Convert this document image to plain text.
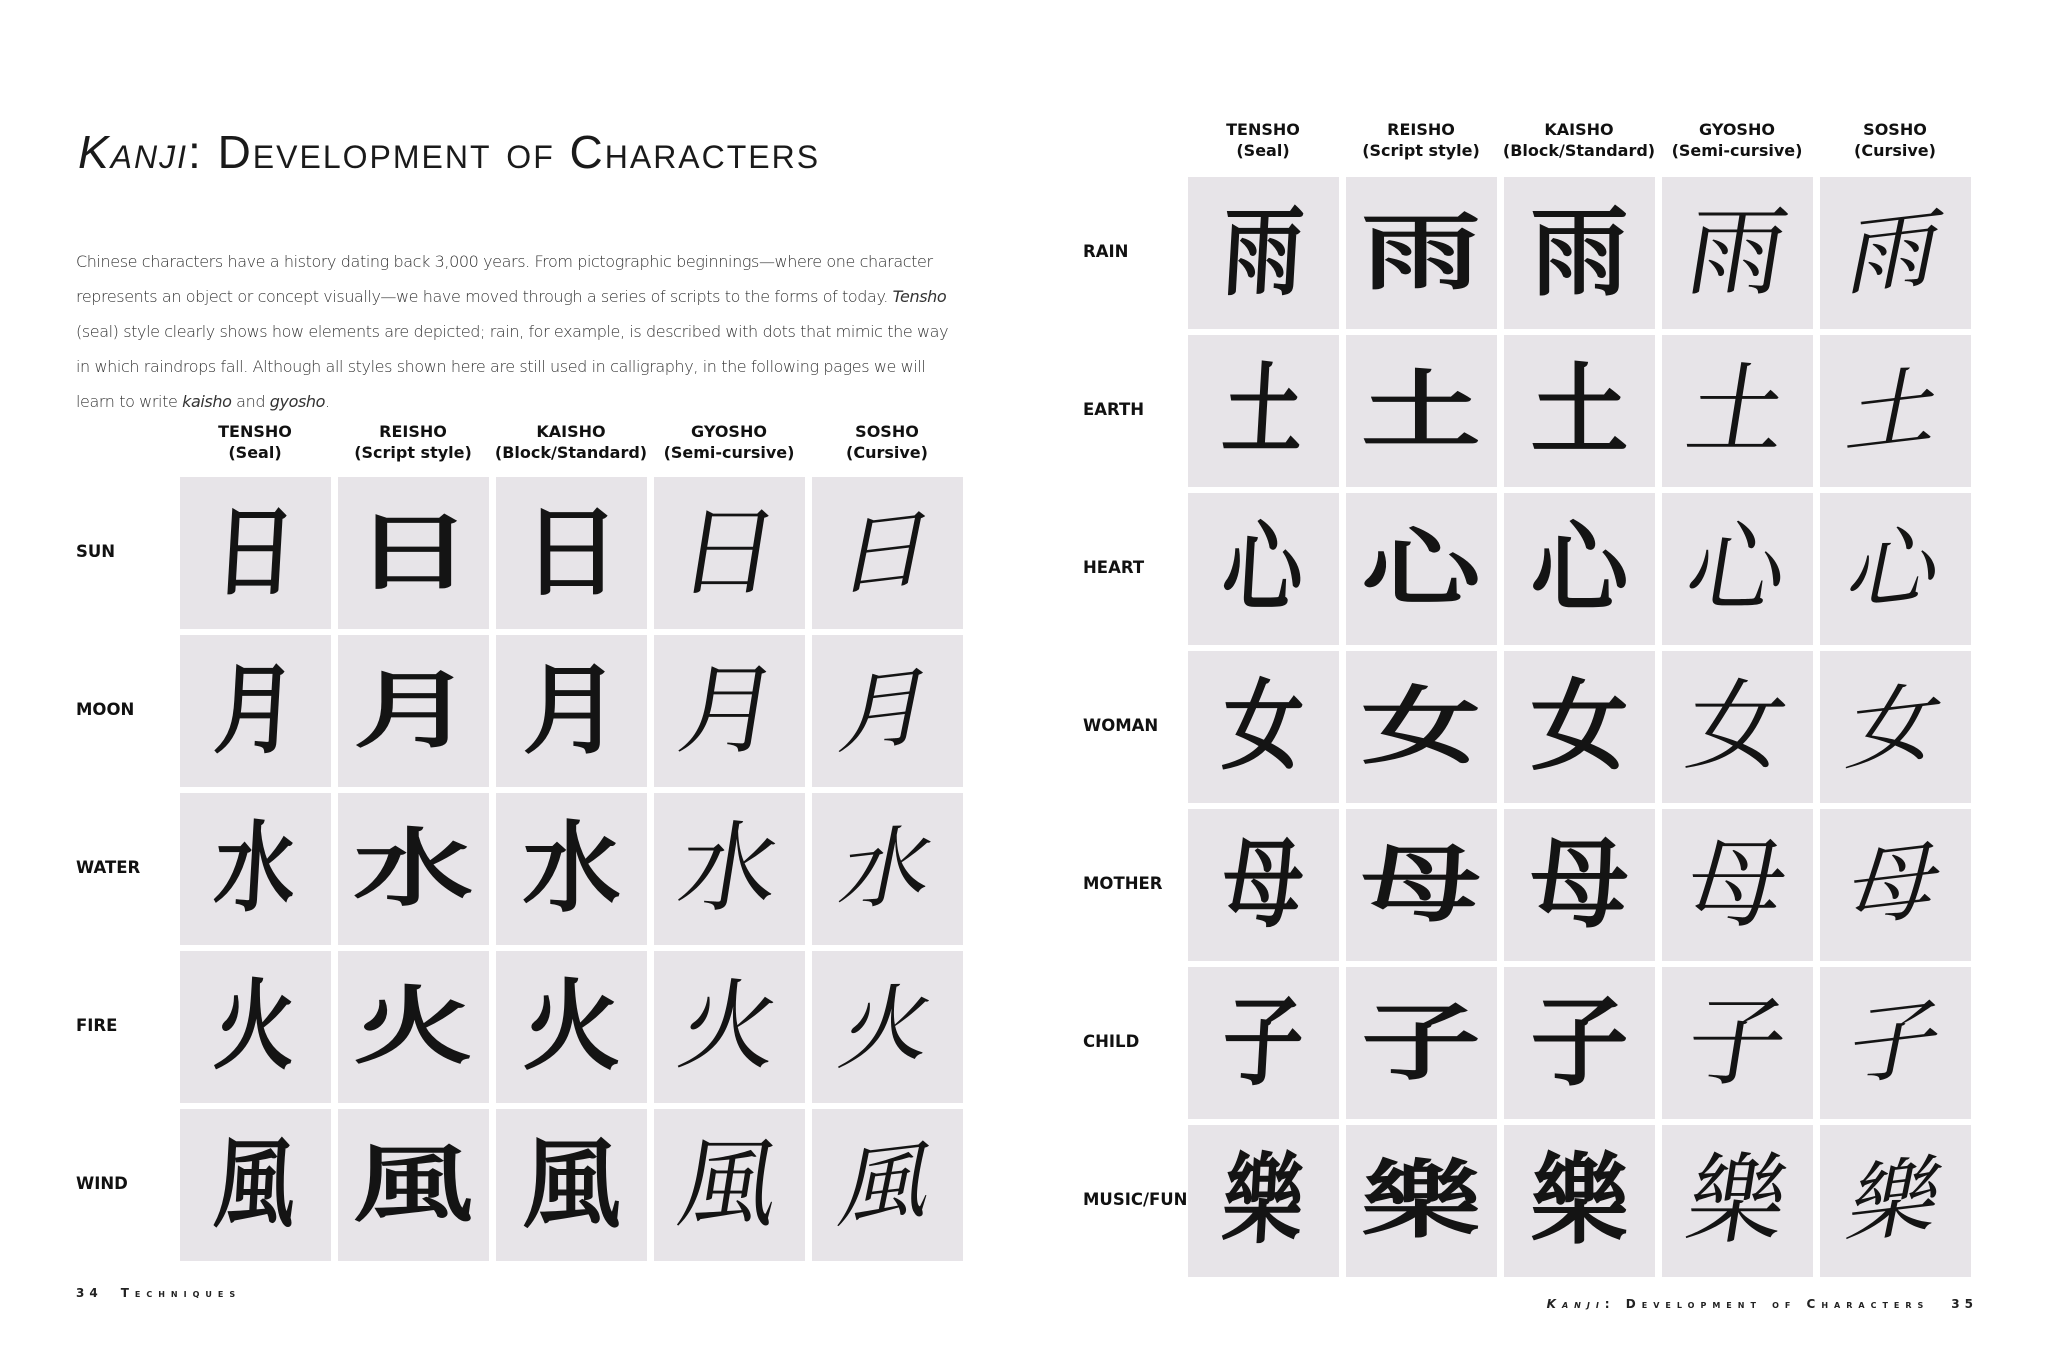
Kanji: Development of Characters

Chinese characters have a history dating back 3,000 years. From pictographic beginnings—where one character represents an object or concept visually—we have moved through a series of scripts to the forms of today. Tensho (seal) style clearly shows how elements are depicted; rain, for example, is described with dots that mimic the way in which raindrops fall. Although all styles shown here are still used in calligraphy, in the following pages we will learn to write kaisho and gyosho.

TENSHO
(Seal)
REISHO
(Script style)
KAISHO
(Block/Standard)
GYOSHO
(Semi-cursive)
SOSHO
(Cursive)
SUN 日 日 日 日 日
MOON 月 月 月 月 月
WATER 水 水 水 水 水
FIRE 火 火 火 火 火
WIND 風 風 風 風 風
34 Techniques
TENSHO
(Seal)
REISHO
(Script style)
KAISHO
(Block/Standard)
GYOSHO
(Semi-cursive)
SOSHO
(Cursive)
RAIN 雨 雨 雨 雨 雨
EARTH 土 土 土 土 土
HEART 心 心 心 心 心
WOMAN 女 女 女 女 女
MOTHER 母 母 母 母 母
CHILD 子 子 子 子 子
MUSIC/FUN 樂 樂 樂 樂 樂
Kanji: Development of Characters 35
